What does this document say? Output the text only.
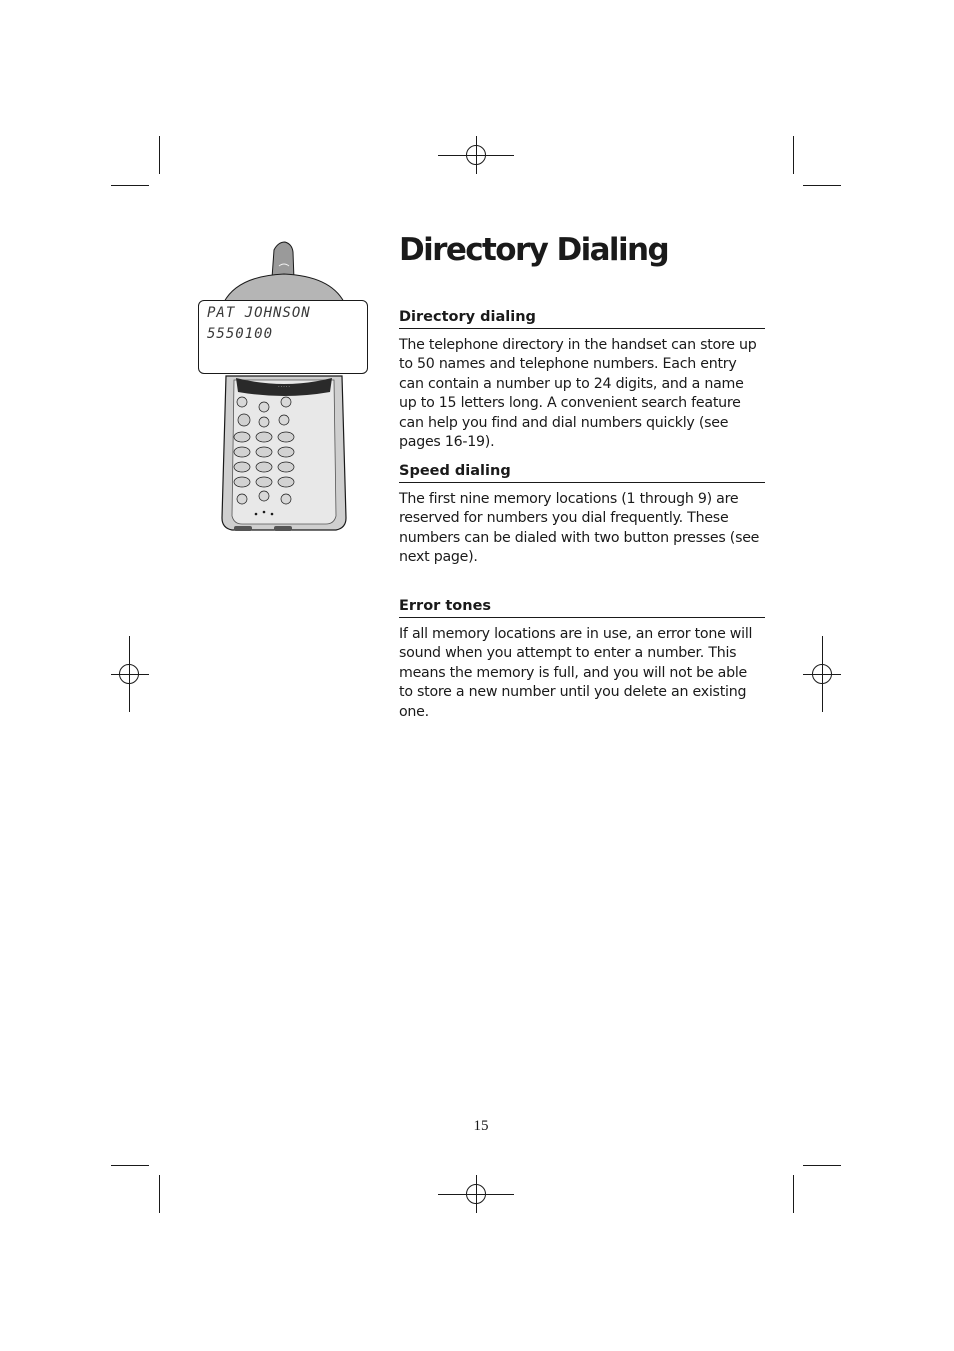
· · · · ·
PAT JOHNSON
5550100
Directory Dialing
Directory dialing

The telephone directory in the handset can store up to 50 names and telephone numbers. Each entry can contain a number up to 24 digits, and a name up to 15 letters long. A convenient search feature can help you find and dial numbers quickly (see pages 16-19).

Speed dialing

The first nine memory locations (1 through 9) are reserved for numbers you dial frequently. These numbers can be dialed with two button presses (see next page).

Error tones

If all memory locations are in use, an error tone will sound when you attempt to enter a number. This means the memory is full, and you will not be able to store a new number until you delete an existing one.

15
